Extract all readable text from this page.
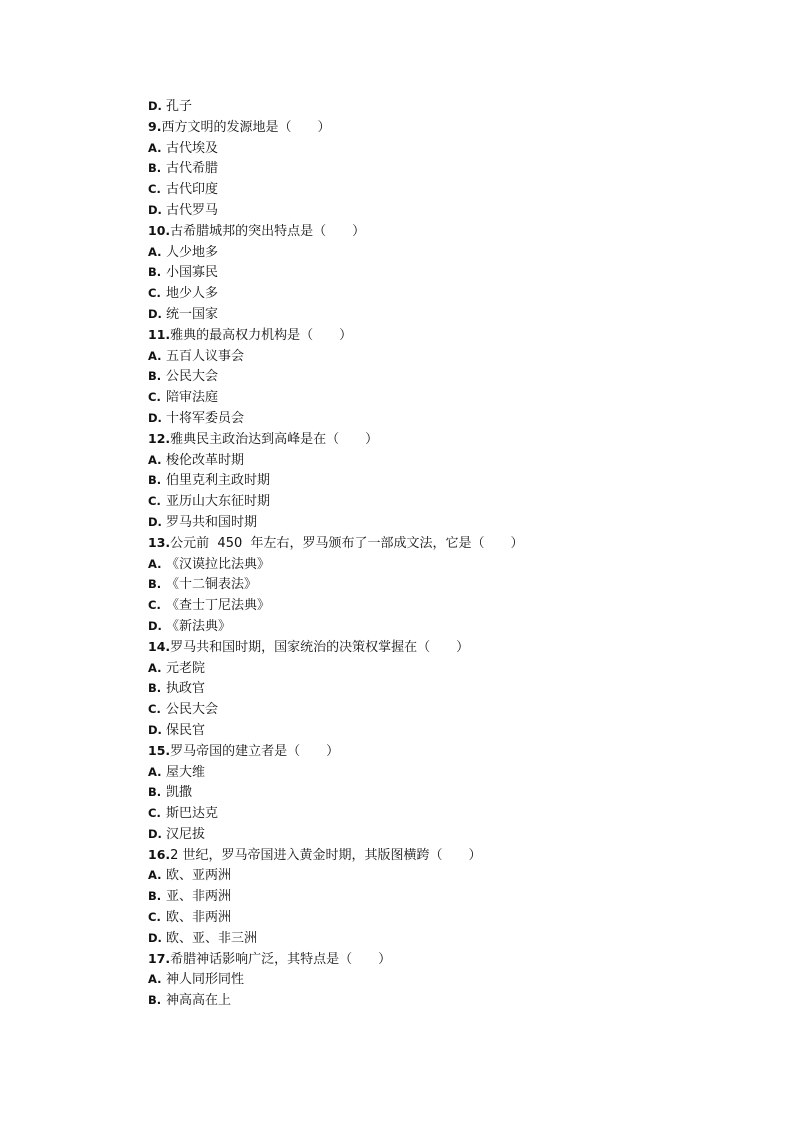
D. 孔子
9.西方文明的发源地是（　　）
A. 古代埃及
B. 古代希腊
C. 古代印度
D. 古代罗马
10.古希腊城邦的突出特点是（　　）
A. 人少地多
B. 小国寡民
C. 地少人多
D. 统一国家
11.雅典的最高权力机构是（　　）
A. 五百人议事会
B. 公民大会
C. 陪审法庭
D. 十将军委员会
12.雅典民主政治达到高峰是在（　　）
A. 梭伦改革时期
B. 伯里克利主政时期
C. 亚历山大东征时期
D. 罗马共和国时期
13.公元前  450  年左右，罗马颁布了一部成文法，它是（　　）
A. 《汉谟拉比法典》
B. 《十二铜表法》
C. 《查士丁尼法典》
D. 《新法典》
14.罗马共和国时期，国家统治的决策权掌握在（　　）
A. 元老院
B. 执政官
C. 公民大会
D. 保民官
15.罗马帝国的建立者是（　　）
A. 屋大维
B. 凯撒
C. 斯巴达克
D. 汉尼拔
16.2 世纪，罗马帝国进入黄金时期，其版图横跨（　　）
A. 欧、亚两洲
B. 亚、非两洲
C. 欧、非两洲
D. 欧、亚、非三洲
17.希腊神话影响广泛，其特点是（　　）
A. 神人同形同性
B. 神高高在上
